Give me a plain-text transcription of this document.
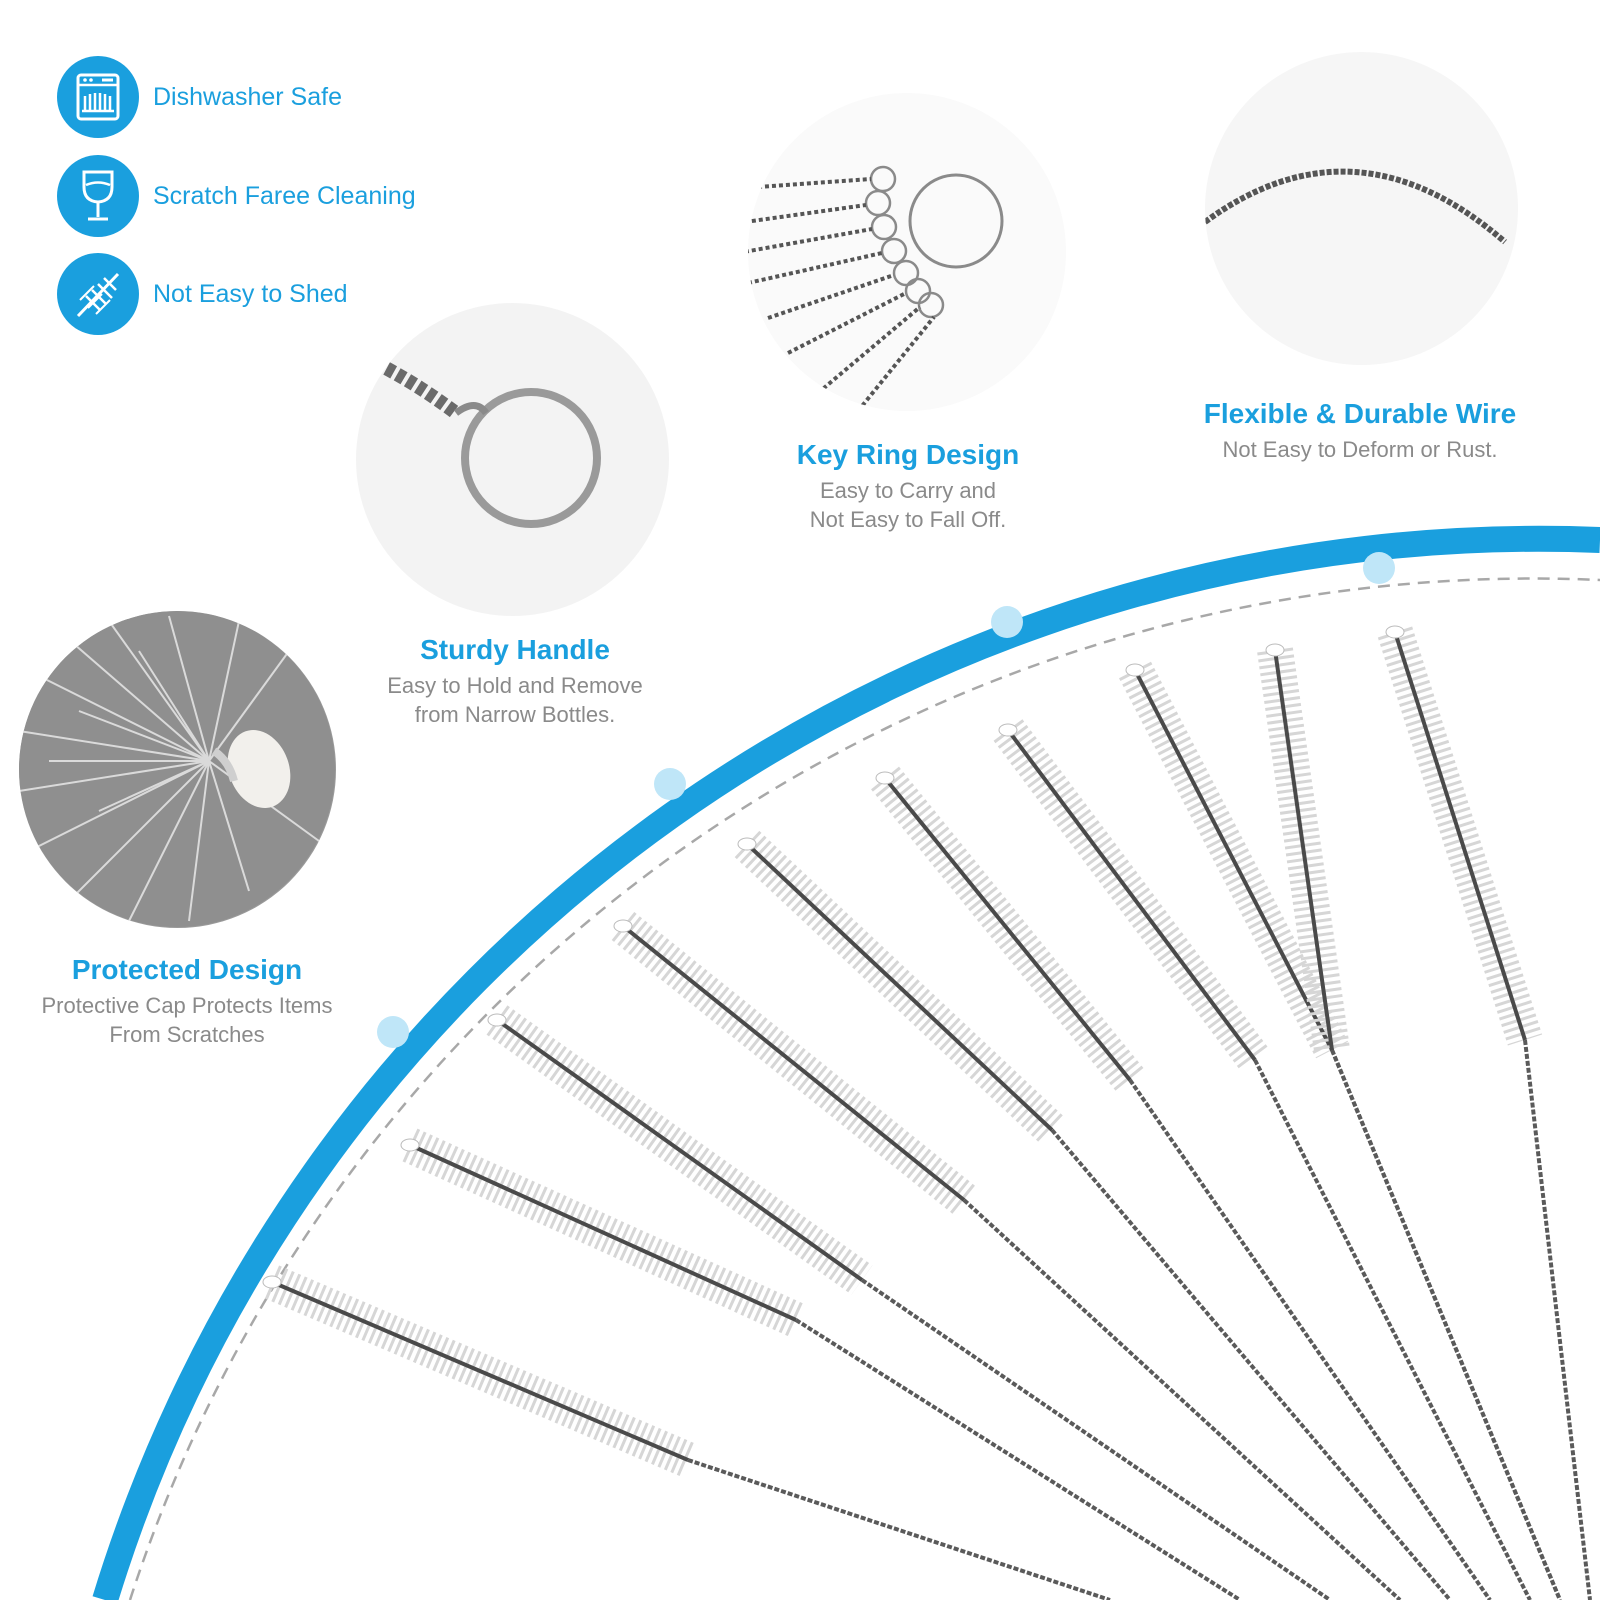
Dishwasher Safe
Scratch Faree Cleaning
Not Easy to Shed
Sturdy Handle
Easy to Hold and Remove
from Narrow Bottles.
Key Ring Design
Easy to Carry and
Not Easy to Fall Off.
Flexible & Durable Wire
Not Easy to Deform or Rust.
Protected Design
Protective Cap Protects Items
From Scratches
